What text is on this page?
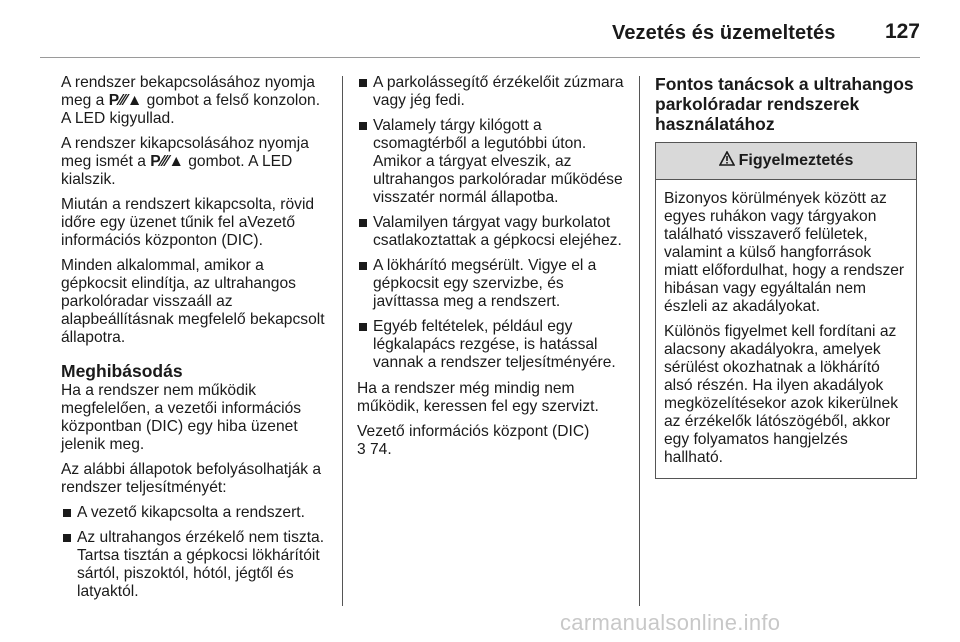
Vezetés és üzemeltetés 127

A rendszer bekapcsolásához nyomja meg a P⁄⁄⁄▲ gombot a felső konzolon. A LED kigyullad.

A rendszer kikapcsolásához nyomja meg ismét a P⁄⁄⁄▲ gombot. A LED kialszik.

Miután a rendszert kikapcsolta, rövid időre egy üzenet tűnik fel aVezető információs központon (DIC).

Minden alkalommal, amikor a gépkocsit elindítja, az ultrahangos parkolóradar visszaáll az alapbeállításnak megfelelő bekapcsolt állapotra.

Meghibásodás

Ha a rendszer nem működik megfelelően, a vezetői információs központban (DIC) egy hiba üzenet jelenik meg.

Az alábbi állapotok befolyásolhatják a rendszer teljesítményét:

A vezető kikapcsolta a rendszert.
Az ultrahangos érzékelő nem tiszta. Tartsa tisztán a gépkocsi lökhárítóit sártól, piszoktól, hótól, jégtől és latyaktól.
A parkolássegítő érzékelőit zúzmara vagy jég fedi.
Valamely tárgy kilógott a csomagtérből a legutóbbi úton. Amikor a tárgyat elveszik, az ultrahangos parkolóradar működése visszatér normál állapotba.
Valamilyen tárgyat vagy burkolatot csatlakoztattak a gépkocsi elejéhez.
A lökhárító megsérült. Vigye el a gépkocsit egy szervizbe, és javíttassa meg a rendszert.
Egyéb feltételek, például egy légkalapács rezgése, is hatással vannak a rendszer teljesítményére.

Ha a rendszer még mindig nem működik, keressen fel egy szervizt.

Vezető információs központ (DIC)
3 74.

Fontos tanácsok a ultrahangos parkolóradar rendszerek használatához
Figyelmeztetés

Bizonyos körülmények között az egyes ruhákon vagy tárgyakon található visszaverő felületek, valamint a külső hangforrások miatt előfordulhat, hogy a rendszer hibásan vagy egyáltalán nem észleli az akadályokat.

Különös figyelmet kell fordítani az alacsony akadályokra, amelyek sérülést okozhatnak a lökhárító alsó részén. Ha ilyen akadályok megközelítésekor azok kikerülnek az érzékelők látószögéből, akkor egy folyamatos hangjelzés hallható.

carmanualsonline.info
